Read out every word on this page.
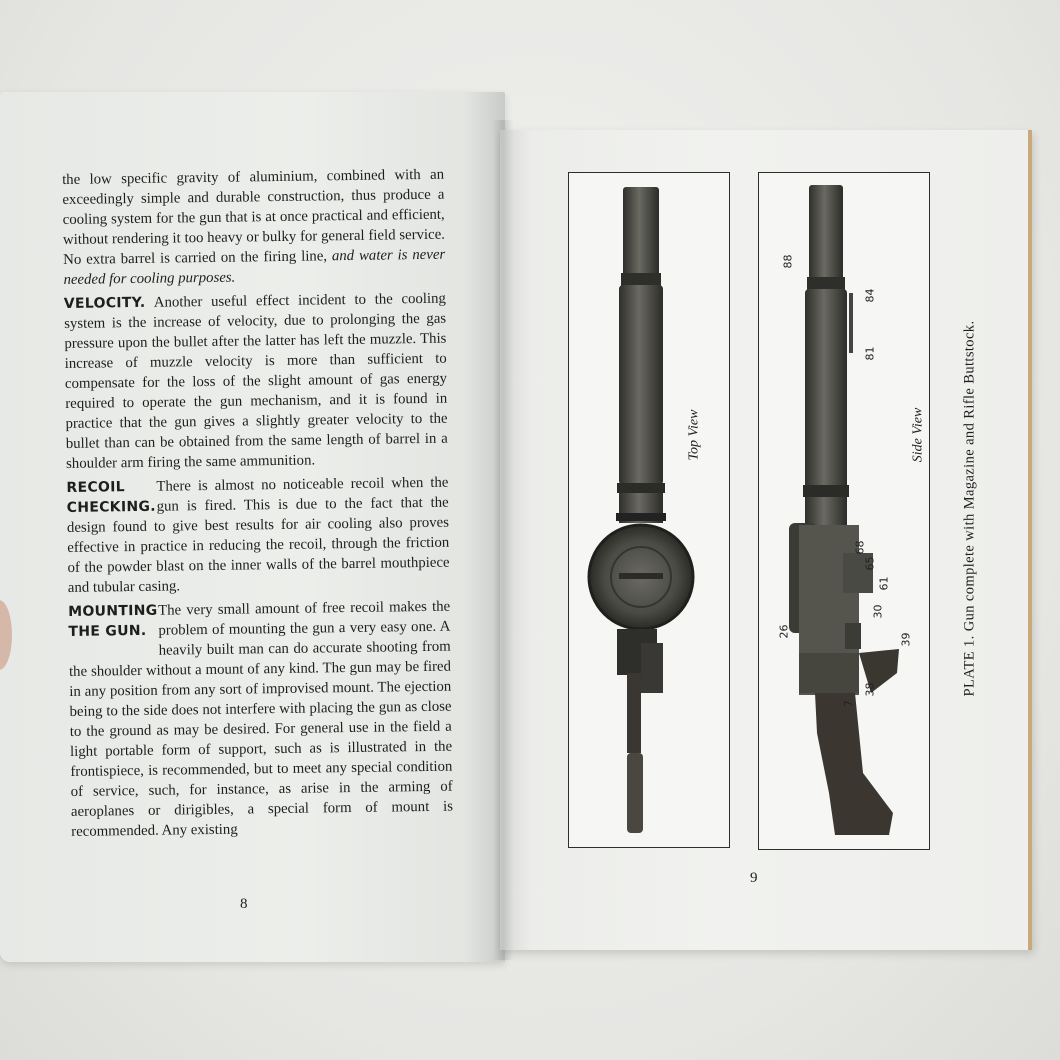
the low specific gravity of aluminium, combined with an exceedingly simple and durable construction, thus produce a cooling system for the gun that is at once practical and efficient, without rendering it too heavy or bulky for general field service. No extra barrel is carried on the firing line, and water is never needed for cooling purposes.

VELOCITY. Another useful effect incident to the cooling system is the increase of velocity, due to prolonging the gas pressure upon the bullet after the latter has left the muzzle. This increase of muzzle velocity is more than sufficient to compensate for the loss of the slight amount of gas energy required to operate the gun mechanism, and it is found in practice that the gun gives a slightly greater velocity to the bullet than can be obtained from the same length of barrel in a shoulder arm firing the same ammunition.

RECOIL
CHECKING.

There is almost no noticeable recoil when the gun is fired. This is due to the fact that the design found to give best results for air cooling also proves effective in practice in reducing the recoil, through the friction of the powder blast on the inner walls of the barrel mouthpiece and tubular casing.

MOUNTING
THE GUN.

The very small amount of free recoil makes the problem of mounting the gun a very easy one. A heavily built man can do accurate shooting from the shoulder without a mount of any kind. The gun may be fired in any position from any sort of improvised mount. The ejection being to the side does not interfere with placing the gun as close to the ground as may be desired. For general use in the field a light portable form of support, such as is illustrated in the frontispiece, is recommended, but to meet any special condition of service, such, for instance, as arise in the arming of aeroplanes or dirigibles, a special form of mount is recommended. Any existing

8
Top View	Side View
88
84
81
68
65
61
30
39
26
38
7
PLATE 1. Gun complete with Magazine and Rifle Buttstock.
9
